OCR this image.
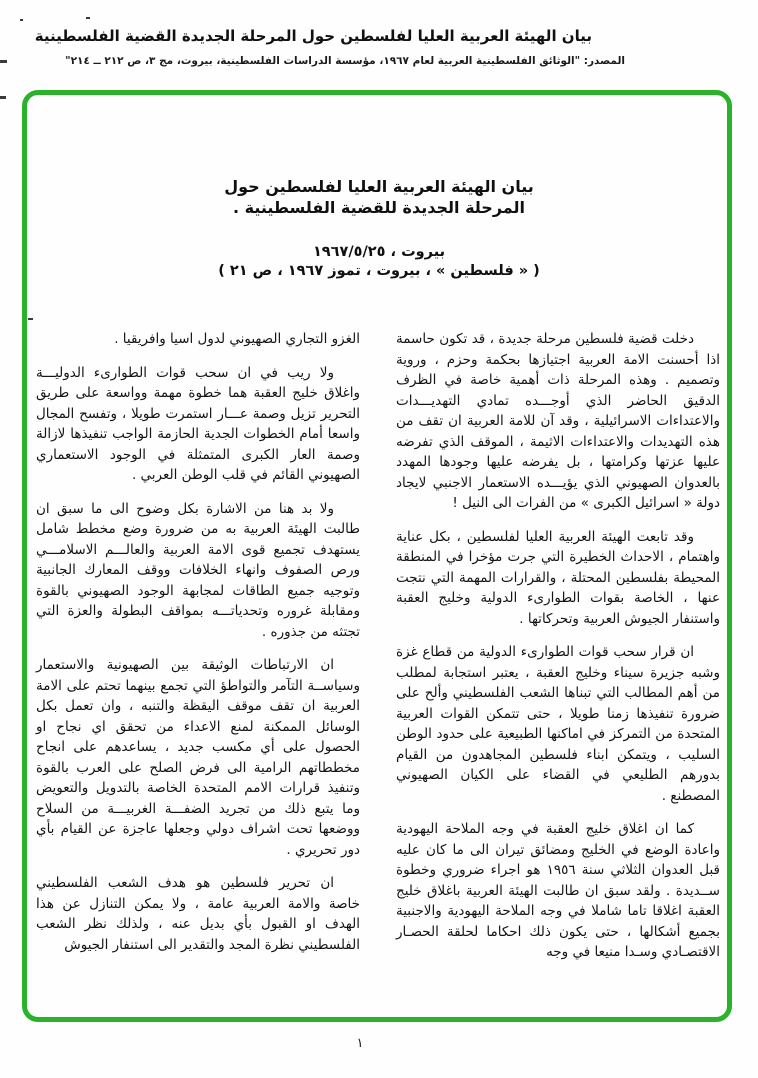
بيان الهيئة العربية العليا لفلسطين حول المرحلة الجديدة القضية الفلسطينية
المصدر: "الوثائق الفلسطينية العربية لعام ١٩٦٧، مؤسسة الدراسات الفلسطينية، بيروت، مج ٣، ص ٢١٢ ــ ٢١٤"
بيان الهيئة العربية العليا لفلسطين حول
المرحلة الجديدة للقضية الفلسطينية .
بيروت ، ١٩٦٧/٥/٢٥
( « فلسطين » ، بيروت ، تموز ١٩٦٧ ، ص ٢١ )

دخلت قضية فلسطين مرحلة جديدة ، قد تكون حاسمة اذا أحسنت الامة العربية اجتيازها بحكمة وحزم ، وروية وتصميم . وهذه المرحلة ذات أهمية خاصة في الظرف الدقيق الحاضر الذي أوجـــده تمادي التهديـــدات والاعتداءات الاسرائيلية ، وقد آن للامة العربية ان تقف من هذه التهديدات والاعتداءات الاثيمة ، الموقف الذي تفرضه عليها عزتها وكرامتها ، بل يفرضه عليها وجودها المهدد بالعدوان الصهيوني الذي يؤيـــده الاستعمار الاجنبي لايجاد دولة « اسرائيل الكبرى » من الفرات الى النيل !

وقد تابعت الهيئة العربية العليا لفلسطين ، بكل عناية واهتمام ، الاحداث الخطيرة التي جرت مؤخرا في المنطقة المحيطة بفلسطين المحتلة ، والقرارات المهمة التي نتجت عنها ، الخاصة بقوات الطوارىء الدولية وخليج العقبة واستنفار الجيوش العربية وتحركاتها .

ان قرار سحب قوات الطوارىء الدولية من قطاع غزة وشبه جزيرة سيناء وخليج العقبة ، يعتبر استجابة لمطلب من أهم المطالب التي تبناها الشعب الفلسطيني وألح على ضرورة تنفيذها زمنا طويلا ، حتى تتمكن القوات العربية المتحدة من التمركز في اماكنها الطبيعية على حدود الوطن السليب ، ويتمكن ابناء فلسطين المجاهدون من القيام بدورهم الطليعي في القضاء على الكيان الصهيوني المصطنع .

كما ان اغلاق خليج العقبة في وجه الملاحة اليهودية واعادة الوضع في الخليج ومضائق تيران الى ما كان عليه قبل العدوان الثلاثي سنة ١٩٥٦ هو اجراء ضروري وخطوة ســديدة . ولقد سبق ان طالبت الهيئة العربية باغلاق خليج العقبة اغلاقا تاما شاملا في وجه الملاحة اليهودية والاجنبية بجميع أشكالها ، حتى يكون ذلك احكاما لحلقة الحصـار الاقتصـادي وسـدا منيعا في وجه

الغزو التجاري الصهيوني لدول اسيا وافريقيا .

ولا ريب في ان سحب قوات الطوارىء الدوليـــة واغلاق خليج العقبة هما خطوة مهمة وواسعة على طريق التحرير تزيل وصمة عـــار استمرت طويلا ، وتفسح المجال واسعا أمام الخطوات الجدية الحازمة الواجب تنفيذها لازالة وصمة العار الكبرى المتمثلة في الوجود الاستعماري الصهيوني القائم في قلب الوطن العربي .

ولا بد هنا من الاشارة بكل وضوح الى ما سبق ان طالبت الهيئة العربية به من ضرورة وضع مخطط شامل يستهدف تجميع قوى الامة العربية والعالـــم الاسلامـــي ورص الصفوف وانهاء الخلافات ووقف المعارك الجانبية وتوجيه جميع الطاقات لمجابهة الوجود الصهيوني بالقوة ومقابلة غروره وتحدياتـــه بمواقف البطولة والعزة التي تجتثه من جذوره .

ان الارتباطات الوثيقة بين الصهيونية والاستعمار وسياســة التآمر والتواطؤ التي تجمع بينهما تحتم على الامة العربية ان تقف موقف اليقظة والتنبه ، وان تعمل بكل الوسائل الممكنة لمنع الاعداء من تحقق اي نجاح او الحصول على أي مكسب جديد ، يساعدهم على انجاح مخططاتهم الرامية الى فرض الصلح على العرب بالقوة وتنفيذ قرارات الامم المتحدة الخاصة بالتدويل والتعويض وما يتبع ذلك من تجريد الضفـــة الغربيـــة من السلاح ووضعها تحت اشراف دولي وجعلها عاجزة عن القيام بأي دور تحريري .

ان تحرير فلسطين هو هدف الشعب الفلسطيني خاصة والامة العربية عامة ، ولا يمكن التنازل عن هذا الهدف او القبول بأي بديل عنه ، ولذلك نظر الشعب الفلسطيني نظرة المجد والتقدير الى استنفار الجيوش

١
